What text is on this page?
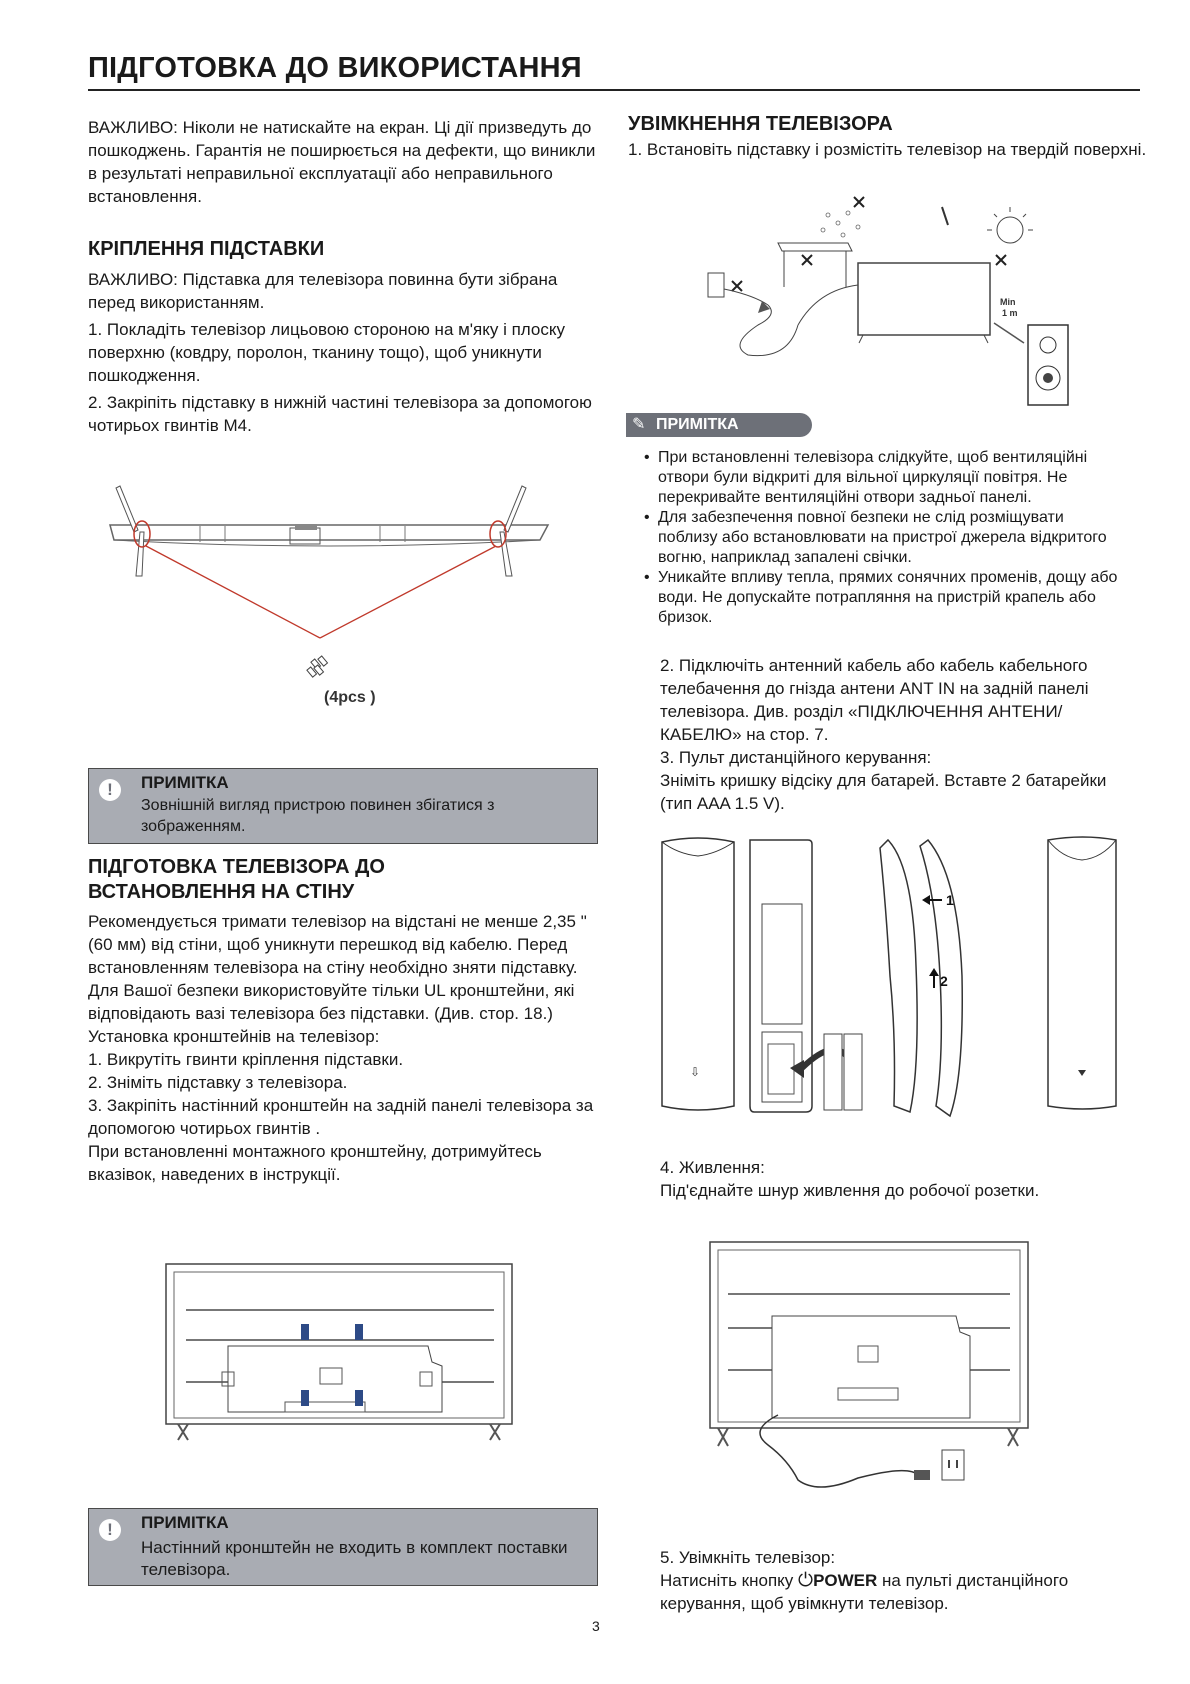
ПІДГОТОВКА ДО ВИКОРИСТАННЯ

ВАЖЛИВО: Ніколи не натискайте на екран. Ці дії призведуть до пошкоджень. Гарантія не поширюється на дефекти, що виникли в результаті неправильної експлуатації або неправильного встановлення.

КРІПЛЕННЯ ПІДСТАВКИ

ВАЖЛИВО: Підставка для телевізора повинна бути зібрана перед використанням.

1. Покладіть телевізор лицьовою стороною на м'яку і плоску поверхню (ковдру, поролон, тканину тощо), щоб уникнути пошкодження.

2. Закріпіть підставку в нижній частині телевізора за допомогою чотирьох гвинтів M4.

(4pcs )
!	ПРИМІТКА
Зовнішній вигляд пристрою повинен збігатися з зображенням.
ПІДГОТОВКА ТЕЛЕВІЗОРА ДО ВСТАНОВЛЕННЯ НА СТІНУ

Рекомендується тримати телевізор на відстані не менше 2,35 "(60 мм) від стіни, щоб уникнути перешкод від кабелю. Перед встановленням телевізора на стіну необхідно зняти підставку.

Для Вашої безпеки використовуйте тільки UL кронштейни, які відповідають вазі телевізора без підставки. (Див. стор. 18.)

Установка кронштейнів на телевізор:

1. Викрутіть гвинти кріплення підставки.

2. Зніміть підставку з телевізора.

3. Закріпіть настінний кронштейн на задній панелі телевізора за допомогою чотирьох гвинтів .

При встановленні монтажного кронштейну, дотримуйтесь вказівок, наведених в інструкції.

!	ПРИМІТКА
Настінний кронштейн не входить в комплект поставки телевізора.
УВІМКНЕННЯ ТЕЛЕВІЗОРА

1. Встановіть підставку і розмістіть телевізор на твердій поверхні.

Min
1 m
✎ ПРИМІТКА
• При встановленні телевізора слідкуйте, щоб вентиляційні отвори були відкриті для вільної циркуляції повітря. Не перекривайте вентиляційні отвори задньої панелі.
• Для забезпечення повної безпеки не слід розміщувати поблизу або встановлювати на пристрої джерела відкритого вогню, наприклад запалені свічки.
• Уникайте впливу тепла, прямих сонячних променів, дощу або води. Не допускайте потрапляння на пристрій крапель або бризок.

2. Підключіть антенний кабель або кабель кабельного телебачення до гнізда антени ANT IN на задній панелі телевізора. Див. розділ «ПІДКЛЮЧЕННЯ АНТЕНИ/КАБЕЛЮ» на стор. 7.

3. Пульт дистанційного керування:

Зніміть кришку відсіку для батарей. Вставте 2 батарейки (тип AAA 1.5 V).

⇩
1
2

4. Живлення:

Під'єднайте шнур живлення до робочої розетки.

5. Увімкніть телевізор:

Натисніть кнопку ⏻POWER на пульті дистанційного керування, щоб увімкнути телевізор.

3
